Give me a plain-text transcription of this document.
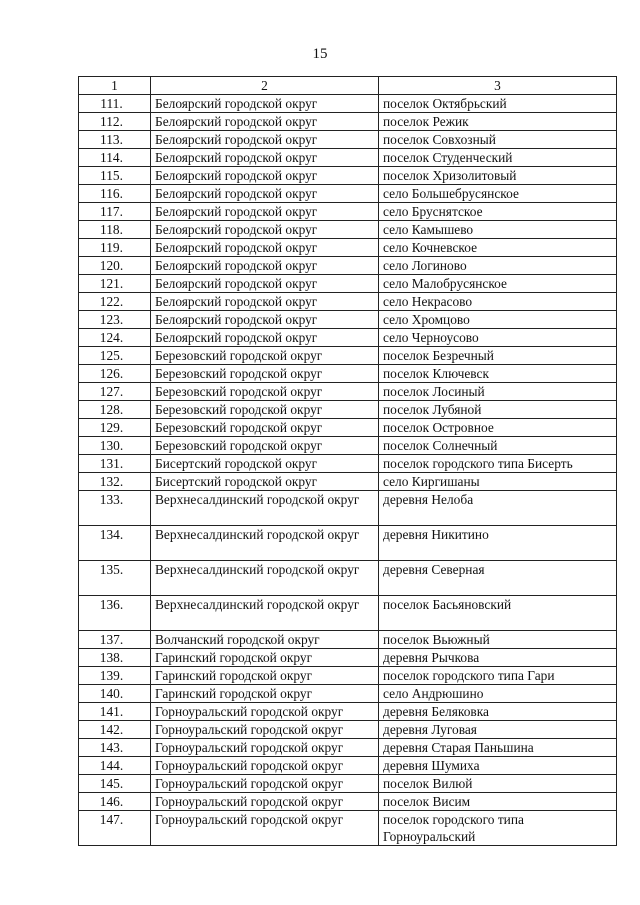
15
1	2	3
111.	Белоярский городской округ	поселок Октябрьский
112.	Белоярский городской округ	поселок Режик
113.	Белоярский городской округ	поселок Совхозный
114.	Белоярский городской округ	поселок Студенческий
115.	Белоярский городской округ	поселок Хризолитовый
116.	Белоярский городской округ	село Большебрусянское
117.	Белоярский городской округ	село Бруснятское
118.	Белоярский городской округ	село Камышево
119.	Белоярский городской округ	село Кочневское
120.	Белоярский городской округ	село Логиново
121.	Белоярский городской округ	село Малобрусянское
122.	Белоярский городской округ	село Некрасово
123.	Белоярский городской округ	село Хромцово
124.	Белоярский городской округ	село Черноусово
125.	Березовский городской округ	поселок Безречный
126.	Березовский городской округ	поселок Ключевск
127.	Березовский городской округ	поселок Лосиный
128.	Березовский городской округ	поселок Лубяной
129.	Березовский городской округ	поселок Островное
130.	Березовский городской округ	поселок Солнечный
131.	Бисертский городской округ	поселок городского типа Бисерть
132.	Бисертский городской округ	село Киргишаны
133.	Верхнесалдинский городской округ	деревня Нелоба
134.	Верхнесалдинский городской округ	деревня Никитино
135.	Верхнесалдинский городской округ	деревня Северная
136.	Верхнесалдинский городской округ	поселок Басьяновский
137.	Волчанский городской округ	поселок Вьюжный
138.	Гаринский городской округ	деревня Рычкова
139.	Гаринский городской округ	поселок городского типа Гари
140.	Гаринский городской округ	село Андрюшино
141.	Горноуральский городской округ	деревня Беляковка
142.	Горноуральский городской округ	деревня Луговая
143.	Горноуральский городской округ	деревня Старая Паньшина
144.	Горноуральский городской округ	деревня Шумиха
145.	Горноуральский городской округ	поселок Вилюй
146.	Горноуральский городской округ	поселок Висим
147.	Горноуральский городской округ	поселок городского типа Горноуральский
